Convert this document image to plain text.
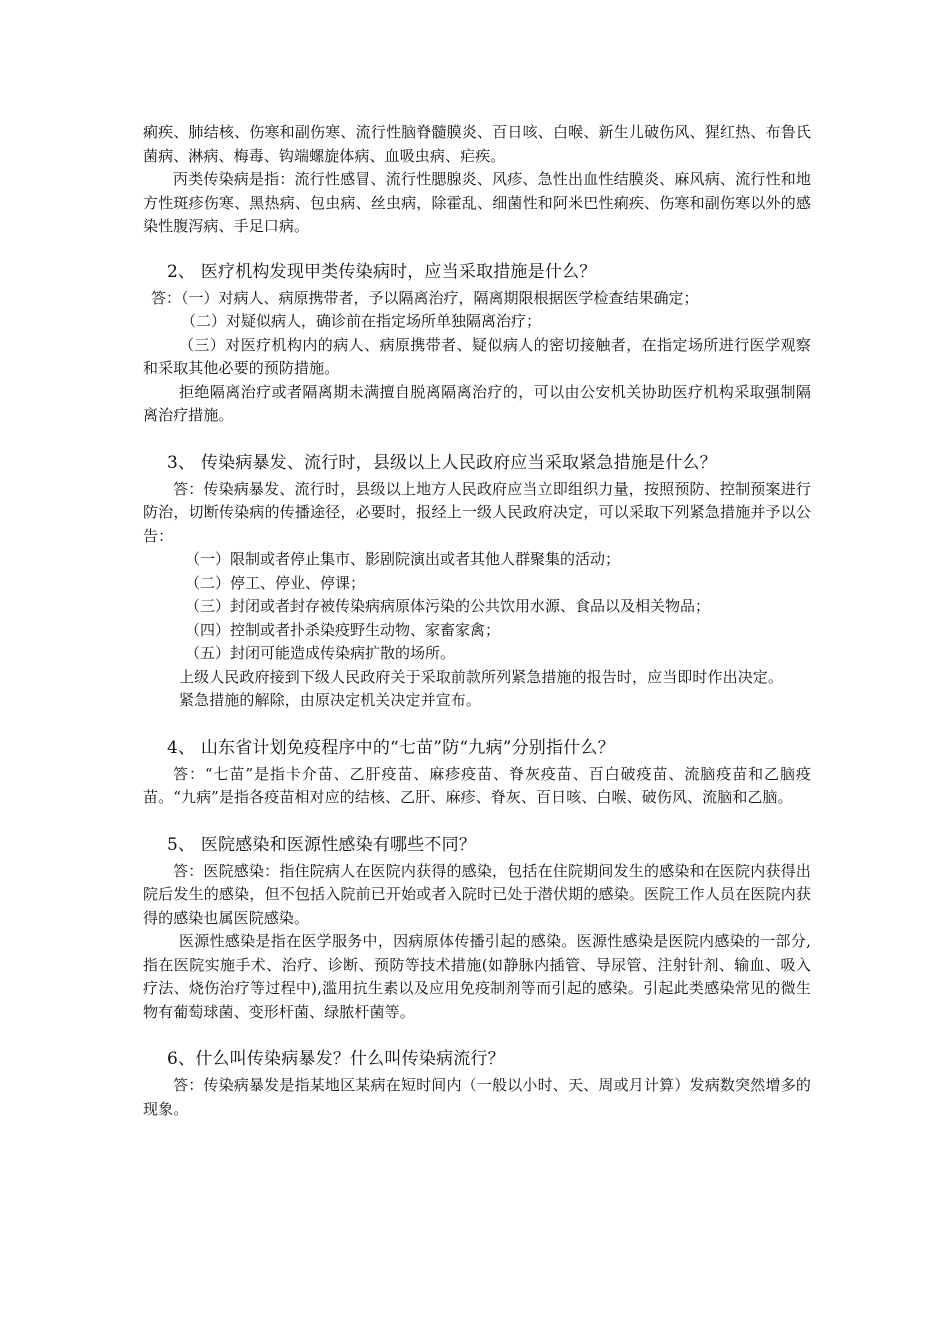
痢疾、肺结核、伤寒和副伤寒、流行性脑脊髓膜炎、百日咳、白喉、新生儿破伤风、猩红热、布鲁氏菌病、淋病、梅毒、钩端螺旋体病、血吸虫病、疟疾。

丙类传染病是指：流行性感冒、流行性腮腺炎、风疹、急性出血性结膜炎、麻风病、流行性和地方性斑疹伤寒、黑热病、包虫病、丝虫病，除霍乱、细菌性和阿米巴性痢疾、伤寒和副伤寒以外的感染性腹泻病、手足口病。

2、 医疗机构发现甲类传染病时，应当采取措施是什么？

答：（一）对病人、病原携带者，予以隔离治疗，隔离期限根据医学检查结果确定；

（二）对疑似病人，确诊前在指定场所单独隔离治疗；

（三）对医疗机构内的病人、病原携带者、疑似病人的密切接触者，在指定场所进行医学观察和采取其他必要的预防措施。

拒绝隔离治疗或者隔离期未满擅自脱离隔离治疗的，可以由公安机关协助医疗机构采取强制隔离治疗措施。

3、 传染病暴发、流行时，县级以上人民政府应当采取紧急措施是什么？

答：传染病暴发、流行时，县级以上地方人民政府应当立即组织力量，按照预防、控制预案进行防治，切断传染病的传播途径，必要时，报经上一级人民政府决定，可以采取下列紧急措施并予以公告：

（一）限制或者停止集市、影剧院演出或者其他人群聚集的活动；

（二）停工、停业、停课；

（三）封闭或者封存被传染病病原体污染的公共饮用水源、食品以及相关物品；

（四）控制或者扑杀染疫野生动物、家畜家禽；

（五）封闭可能造成传染病扩散的场所。

上级人民政府接到下级人民政府关于采取前款所列紧急措施的报告时，应当即时作出决定。

紧急措施的解除，由原决定机关决定并宣布。

4、 山东省计划免疫程序中的“七苗”防“九病”分别指什么？

答：“七苗”是指卡介苗、乙肝疫苗、麻疹疫苗、脊灰疫苗、百白破疫苗、流脑疫苗和乙脑疫苗。“九病”是指各疫苗相对应的结核、乙肝、麻疹、脊灰、百日咳、白喉、破伤风、流脑和乙脑。

5、 医院感染和医源性感染有哪些不同？

答：医院感染：指住院病人在医院内获得的感染，包括在住院期间发生的感染和在医院内获得出院后发生的感染，但不包括入院前已开始或者入院时已处于潜伏期的感染。医院工作人员在医院内获得的感染也属医院感染。

医源性感染是指在医学服务中，因病原体传播引起的感染。医源性感染是医院内感染的一部分,指在医院实施手术、治疗、诊断、预防等技术措施(如静脉内插管、导尿管、注射针剂、输血、吸入疗法、烧伤治疗等过程中),滥用抗生素以及应用免疫制剂等而引起的感染。引起此类感染常见的微生物有葡萄球菌、变形杆菌、绿脓杆菌等。

6、什么叫传染病暴发？什么叫传染病流行？

答：传染病暴发是指某地区某病在短时间内（一般以小时、天、周或月计算）发病数突然增多的现象。
